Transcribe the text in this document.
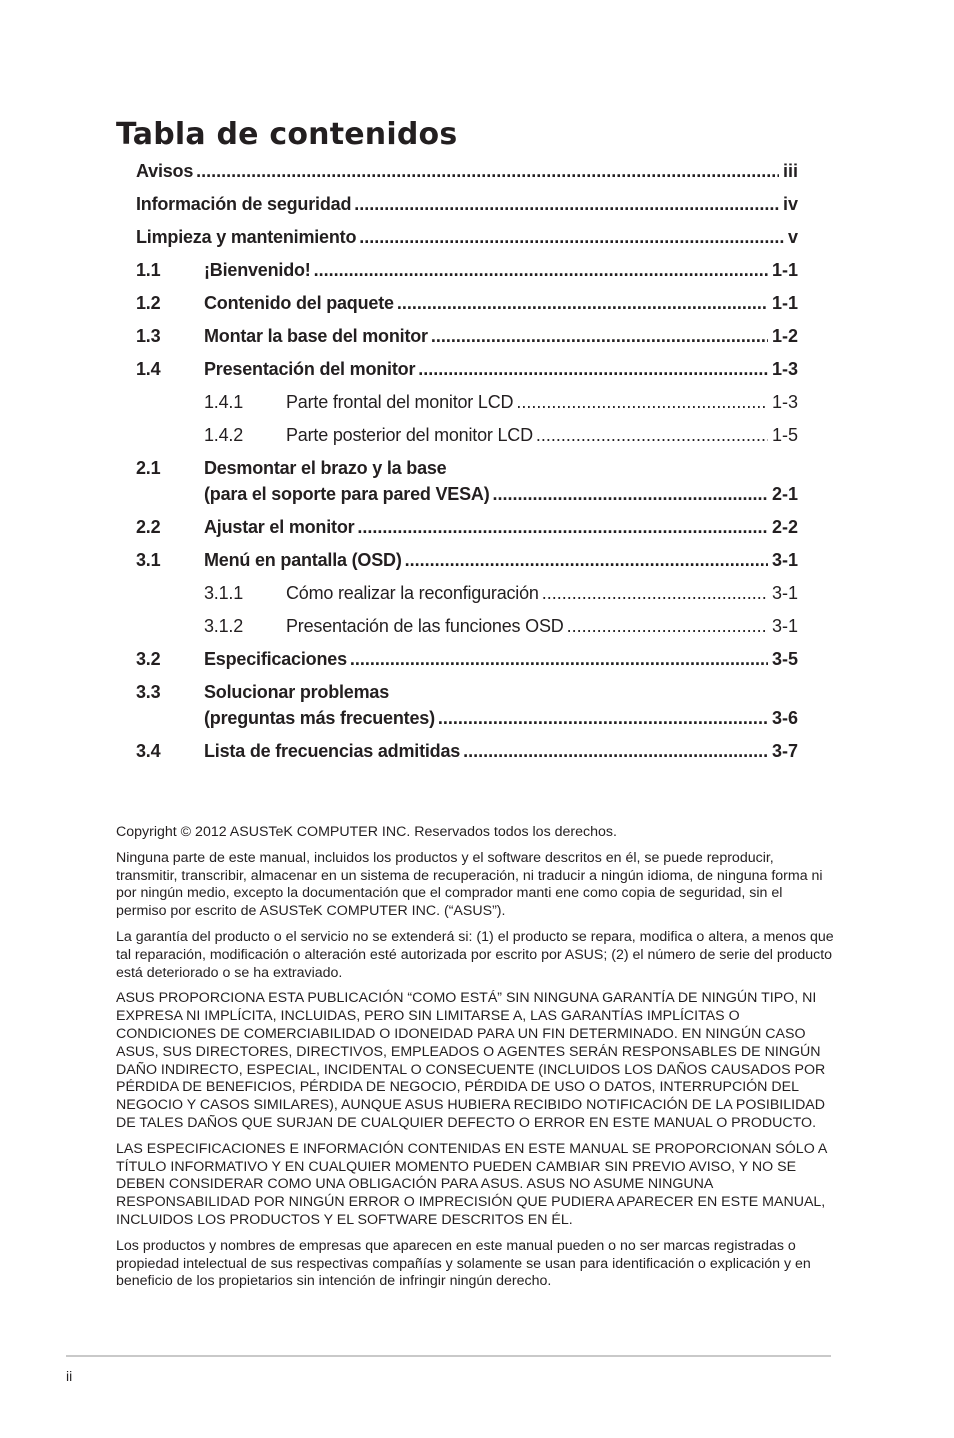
Tabla de contenidos
Avisos .....	iii
Información de seguridad .....	iv
Limpieza y mantenimiento .....	v
1.1 ¡Bienvenido! .....	1-1
1.2 Contenido del paquete .....	1-1
1.3 Montar la base del monitor .....	1-2
1.4 Presentación del monitor .....	1-3
1.4.1 Parte frontal del monitor LCD .....	1-3
1.4.2 Parte posterior del monitor LCD .....	1-5
2.1 Desmontar el brazo y la base
(para el soporte para pared VESA) .....	2-1
2.2 Ajustar el monitor .....	2-2
3.1 Menú en pantalla (OSD) .....	3-1
3.1.1 Cómo realizar la reconfiguración .....	3-1
3.1.2 Presentación de las funciones OSD .....	3-1
3.2 Especificaciones .....	3-5
3.3 Solucionar problemas
(preguntas más frecuentes) .....	3-6
3.4 Lista de frecuencias admitidas .....	3-7

Copyright © 2012 ASUSTeK COMPUTER INC. Reservados todos los derechos.

Ninguna parte de este manual, incluidos los productos y el software descritos en él, se puede reproducir, transmitir, transcribir, almacenar en un sistema de recuperación, ni traducir a ningún idioma, de ninguna forma ni por ningún medio, excepto la documentación que el comprador manti ene como copia de seguridad, sin el permiso por escrito de ASUSTeK COMPUTER INC. (“ASUS”).

La garantía del producto o el servicio no se extenderá si: (1) el producto se repara, modifica o altera, a menos que tal reparación, modificación o alteración esté autorizada por escrito por ASUS; (2) el número de serie del producto está deteriorado o se ha extraviado.

ASUS PROPORCIONA ESTA PUBLICACIÓN “COMO ESTÁ” SIN NINGUNA GARANTÍA DE NINGÚN TIPO, NI EXPRESA NI IMPLÍCITA, INCLUIDAS, PERO SIN LIMITARSE A, LAS GARANTÍAS IMPLÍCITAS O CONDICIONES DE COMERCIABILIDAD O IDONEIDAD PARA UN FIN DETERMINADO. EN NINGÚN CASO ASUS, SUS DIRECTORES, DIRECTIVOS, EMPLEADOS O AGENTES SERÁN RESPONSABLES DE NINGÚN DAÑO INDIRECTO, ESPECIAL, INCIDENTAL O CONSECUENTE (INCLUIDOS LOS DAÑOS CAUSADOS POR PÉRDIDA DE BENEFICIOS, PÉRDIDA DE NEGOCIO, PÉRDIDA DE USO O DATOS, INTERRUPCIÓN DEL NEGOCIO Y CASOS SIMILARES), AUNQUE ASUS HUBIERA RECIBIDO NOTIFICACIÓN DE LA POSIBILIDAD DE TALES DAÑOS QUE SURJAN DE CUALQUIER DEFECTO O ERROR EN ESTE MANUAL O PRODUCTO.

LAS ESPECIFICACIONES E INFORMACIÓN CONTENIDAS EN ESTE MANUAL SE PROPORCIONAN SÓLO A TÍTULO INFORMATIVO Y EN CUALQUIER MOMENTO PUEDEN CAMBIAR SIN PREVIO AVISO, Y NO SE DEBEN CONSIDERAR COMO UNA OBLIGACIÓN PARA ASUS. ASUS NO ASUME NINGUNA RESPONSABILIDAD POR NINGÚN ERROR O IMPRECISIÓN QUE PUDIERA APARECER EN ESTE MANUAL, INCLUIDOS LOS PRODUCTOS Y EL SOFTWARE DESCRITOS EN ÉL.

Los productos y nombres de empresas que aparecen en este manual pueden o no ser marcas registradas o propiedad intelectual de sus respectivas compañías y solamente se usan para identificación o explicación y en beneficio de los propietarios sin intención de infringir ningún derecho.

ii
